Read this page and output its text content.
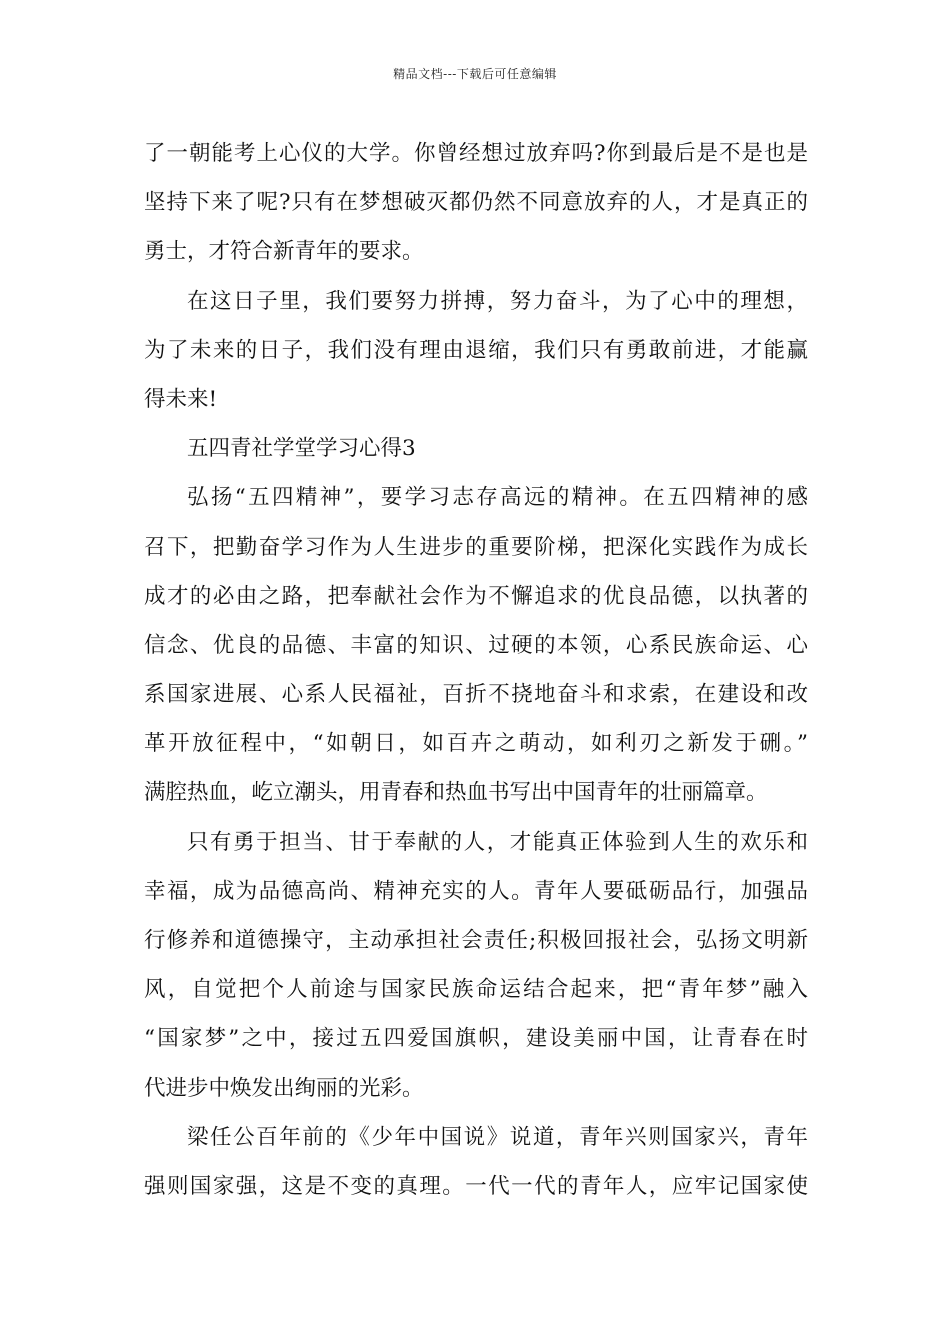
精品文档---下载后可任意编辑
了一朝能考上心仪的大学。你曾经想过放弃吗?你到最后是不是也是
坚持下来了呢?只有在梦想破灭都仍然不同意放弃的人，才是真正的
勇士，才符合新青年的要求。
在这日子里，我们要努力拼搏，努力奋斗，为了心中的理想，
为了未来的日子，我们没有理由退缩，我们只有勇敢前进，才能赢
得未来!
五四青社学堂学习心得3
弘扬“五四精神”，要学习志存高远的精神。在五四精神的感
召下，把勤奋学习作为人生进步的重要阶梯，把深化实践作为成长
成才的必由之路，把奉献社会作为不懈追求的优良品德，以执著的
信念、优良的品德、丰富的知识、过硬的本领，心系民族命运、心
系国家进展、心系人民福祉，百折不挠地奋斗和求索，在建设和改
革开放征程中，“如朝日，如百卉之萌动，如利刃之新发于硎。”
满腔热血，屹立潮头，用青春和热血书写出中国青年的壮丽篇章。
只有勇于担当、甘于奉献的人，才能真正体验到人生的欢乐和
幸福，成为品德高尚、精神充实的人。青年人要砥砺品行，加强品
行修养和道德操守，主动承担社会责任;积极回报社会，弘扬文明新
风，自觉把个人前途与国家民族命运结合起来，把“青年梦”融入
“国家梦”之中，接过五四爱国旗帜，建设美丽中国，让青春在时
代进步中焕发出绚丽的光彩。
梁任公百年前的《少年中国说》说道，青年兴则国家兴，青年
强则国家强，这是不变的真理。一代一代的青年人，应牢记国家使
